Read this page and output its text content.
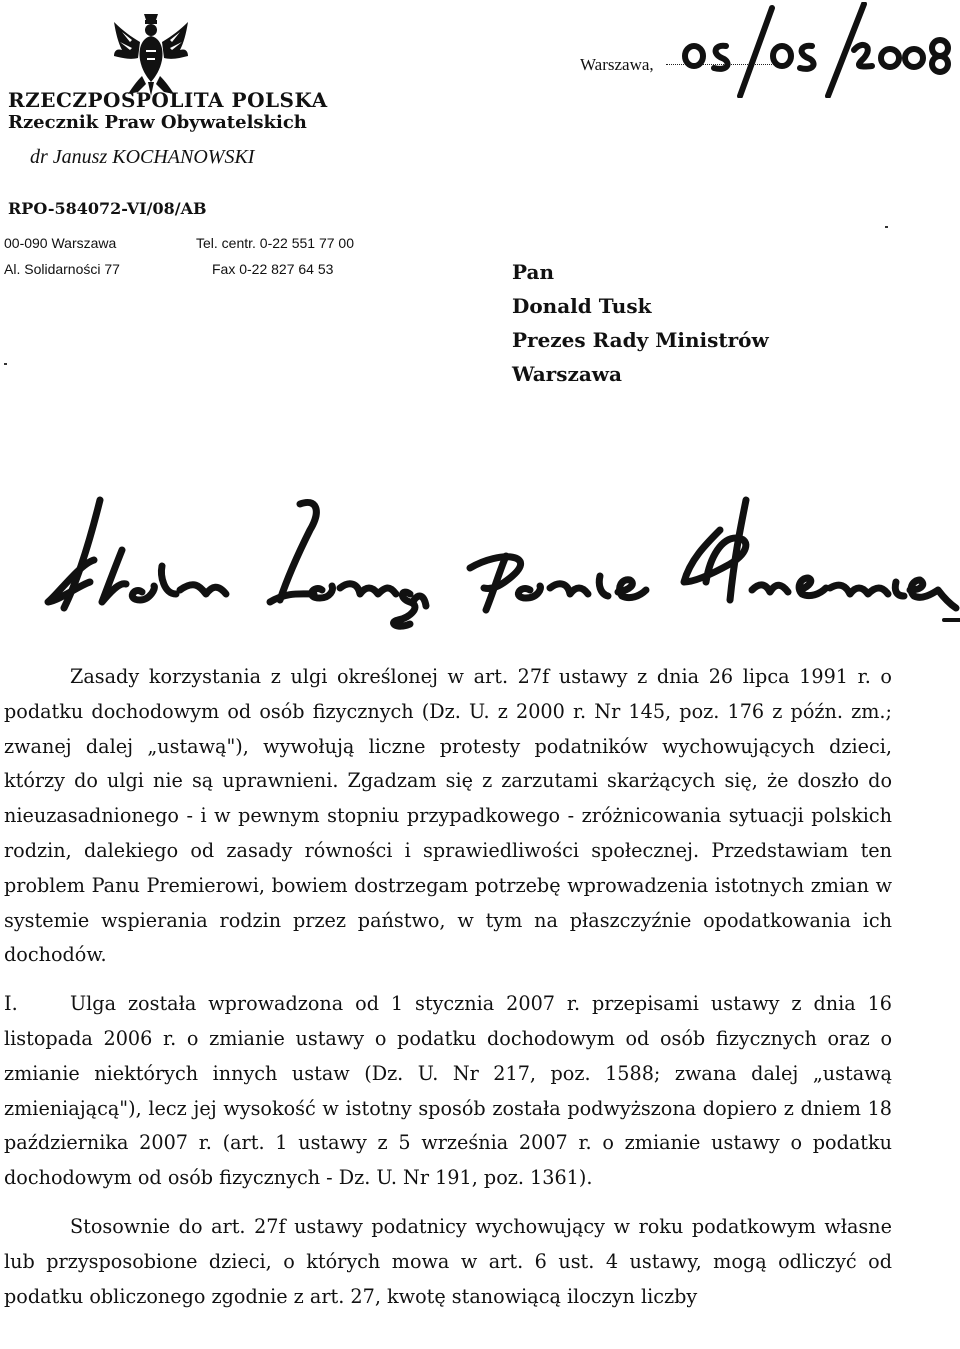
RZECZPOSPOLITA POLSKA
Rzecznik Praw Obywatelskich
dr Janusz KOCHANOWSKI
RPO-584072-VI/08/AB
00-090 Warszawa
Al. Solidarności 77
Tel. centr. 0-22 551 77 00
Fax 0-22 827 64 53
Warszawa,
Pan
Donald Tusk
Prezes Rady Ministrów
Warszawa

Zasady korzystania z ulgi określonej w art. 27f ustawy z dnia 26 lipca 1991 r. o podatku dochodowym od osób fizycznych (Dz. U. z 2000 r. Nr 145, poz. 176 z późn. zm.; zwanej dalej „ustawą"), wywołują liczne protesty podatników wychowujących dzieci, którzy do ulgi nie są uprawnieni. Zgadzam się z zarzutami skarżących się, że doszło do nieuzasadnionego - i w pewnym stopniu przypadkowego - zróżnicowania sytuacji polskich rodzin, dalekiego od zasady równości i sprawiedliwości społecznej. Przedstawiam ten problem Panu Premierowi, bowiem dostrzegam potrzebę wprowadzenia istotnych zmian w systemie wspierania rodzin przez państwo, w tym na płaszczyźnie opodatkowania ich dochodów.

I.	Ulga została wprowadzona od 1 stycznia 2007 r. przepisami ustawy z dnia 16 listopada 2006 r. o zmianie ustawy o podatku dochodowym od osób fizycznych oraz o zmianie niektórych innych ustaw (Dz. U. Nr 217, poz. 1588; zwana dalej „ustawą zmieniającą"), lecz jej wysokość w istotny sposób została podwyższona dopiero z dniem 18 października 2007 r. (art. 1 ustawy z 5 września 2007 r. o zmianie ustawy o podatku dochodowym od osób fizycznych - Dz. U. Nr 191, poz. 1361).

Stosownie do art. 27f ustawy podatnicy wychowujący w roku podatkowym własne lub przysposobione dzieci, o których mowa w art. 6 ust. 4 ustawy, mogą odliczyć od podatku obliczonego zgodnie z art. 27, kwotę stanowiącą iloczyn liczby
